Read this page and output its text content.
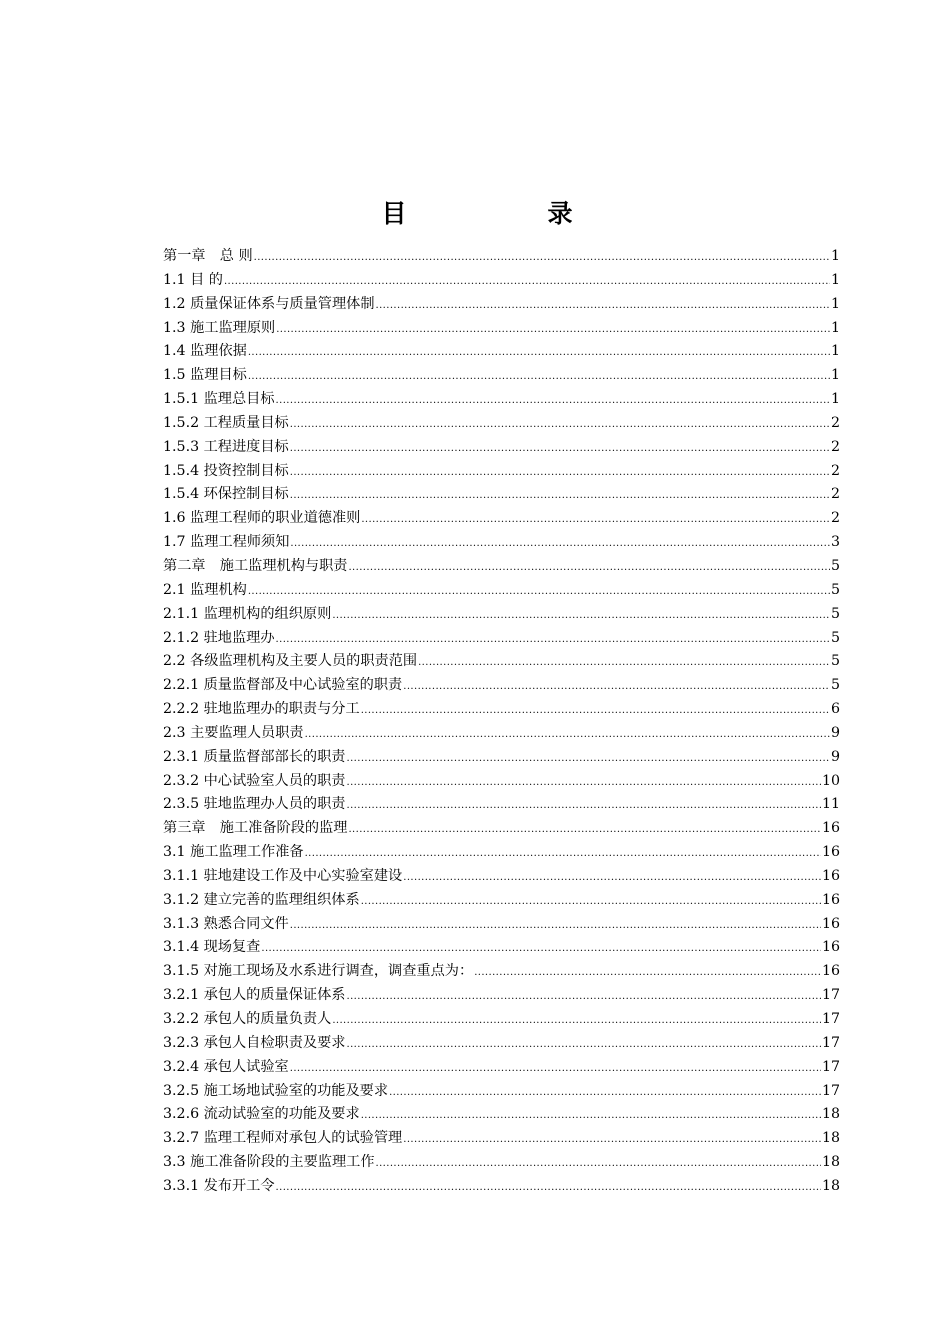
目　录
第一章　总 则 .....	1
1.1 目 的 .....	1
1.2 质量保证体系与质量管理体制 .....	1
1.3 施工监理原则 .....	1
1.4 监理依据 .....	1
1.5 监理目标 .....	1
1.5.1 监理总目标 .....	1
1.5.2 工程质量目标 .....	2
1.5.3 工程进度目标 .....	2
1.5.4 投资控制目标 .....	2
1.5.4 环保控制目标 .....	2
1.6 监理工程师的职业道德准则 .....	2
1.7 监理工程师须知 .....	3
第二章　施工监理机构与职责 .....	5
2.1 监理机构 .....	5
2.1.1 监理机构的组织原则 .....	5
2.1.2 驻地监理办 .....	5
2.2 各级监理机构及主要人员的职责范围 .....	5
2.2.1 质量监督部及中心试验室的职责 .....	5
2.2.2 驻地监理办的职责与分工 .....	6
2.3 主要监理人员职责 .....	9
2.3.1 质量监督部部长的职责 .....	9
2.3.2 中心试验室人员的职责 .....	10
2.3.5 驻地监理办人员的职责 .....	11
第三章　施工准备阶段的监理 .....	16
3.1 施工监理工作准备 .....	16
3.1.1 驻地建设工作及中心实验室建设 .....	16
3.1.2 建立完善的监理组织体系 .....	16
3.1.3 熟悉合同文件 .....	16
3.1.4 现场复查 .....	16
3.1.5 对施工现场及水系进行调查，调查重点为： .....	16
3.2.1 承包人的质量保证体系 .....	17
3.2.2 承包人的质量负责人 .....	17
3.2.3 承包人自检职责及要求 .....	17
3.2.4 承包人试验室 .....	17
3.2.5 施工场地试验室的功能及要求 .....	17
3.2.6 流动试验室的功能及要求 .....	18
3.2.7 监理工程师对承包人的试验管理 .....	18
3.3 施工准备阶段的主要监理工作 .....	18
3.3.1 发布开工令 .....	18
